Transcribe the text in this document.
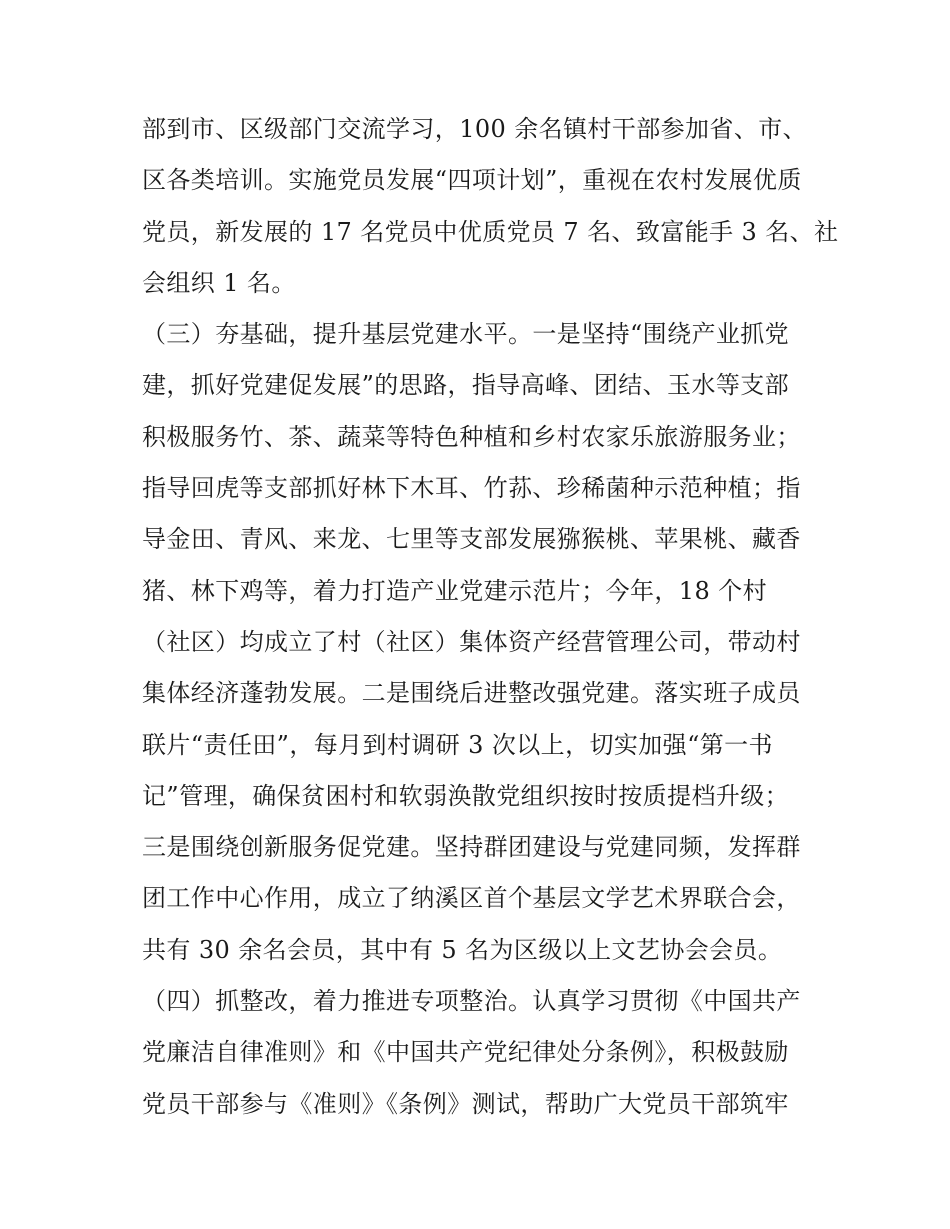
部到市、区级部门交流学习，100 余名镇村干部参加省、市、
区各类培训。实施党员发展“四项计划”，重视在农村发展优质
党员，新发展的 17 名党员中优质党员 7 名、致富能手 3 名、社
会组织 1 名。
（三）夯基础，提升基层党建水平。一是坚持“围绕产业抓党
建，抓好党建促发展”的思路，指导高峰、团结、玉水等支部
积极服务竹、茶、蔬菜等特色种植和乡村农家乐旅游服务业；
指导回虎等支部抓好林下木耳、竹荪、珍稀菌种示范种植；指
导金田、青风、来龙、七里等支部发展猕猴桃、苹果桃、藏香
猪、林下鸡等，着力打造产业党建示范片；今年，18 个村
（社区）均成立了村（社区）集体资产经营管理公司，带动村
集体经济蓬勃发展。二是围绕后进整改强党建。落实班子成员
联片“责任田”，每月到村调研 3 次以上，切实加强“第一书
记”管理，确保贫困村和软弱涣散党组织按时按质提档升级；
三是围绕创新服务促党建。坚持群团建设与党建同频，发挥群
团工作中心作用，成立了纳溪区首个基层文学艺术界联合会，
共有 30 余名会员，其中有 5 名为区级以上文艺协会会员。
（四）抓整改，着力推进专项整治。认真学习贯彻《中国共产
党廉洁自律准则》和《中国共产党纪律处分条例》，积极鼓励
党员干部参与《准则》《条例》测试，帮助广大党员干部筑牢
